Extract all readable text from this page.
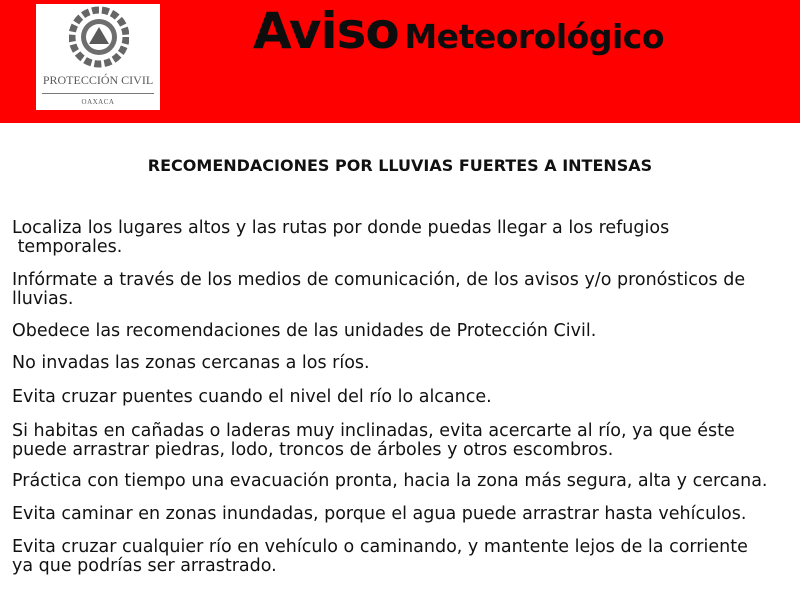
PROTECCIÓN CIVIL
OAXACA
Aviso Meteorológico
RECOMENDACIONES POR LLUVIAS FUERTES A INTENSAS
Localiza los lugares altos y las rutas por donde puedas llegar a los refugios
temporales.
Infórmate a través de los medios de comunicación, de los avisos y/o pronósticos de
lluvias.
Obedece las recomendaciones de las unidades de Protección Civil.
No invadas las zonas cercanas a los ríos.
Evita cruzar puentes cuando el nivel del río lo alcance.
Si habitas en cañadas o laderas muy inclinadas, evita acercarte al río, ya que éste
puede arrastrar piedras, lodo, troncos de árboles y otros escombros.
Práctica con tiempo una evacuación pronta, hacia la zona más segura, alta y cercana.
Evita caminar en zonas inundadas, porque el agua puede arrastrar hasta vehículos.
Evita cruzar cualquier río en vehículo o caminando, y mantente lejos de la corriente
ya que podrías ser arrastrado.
